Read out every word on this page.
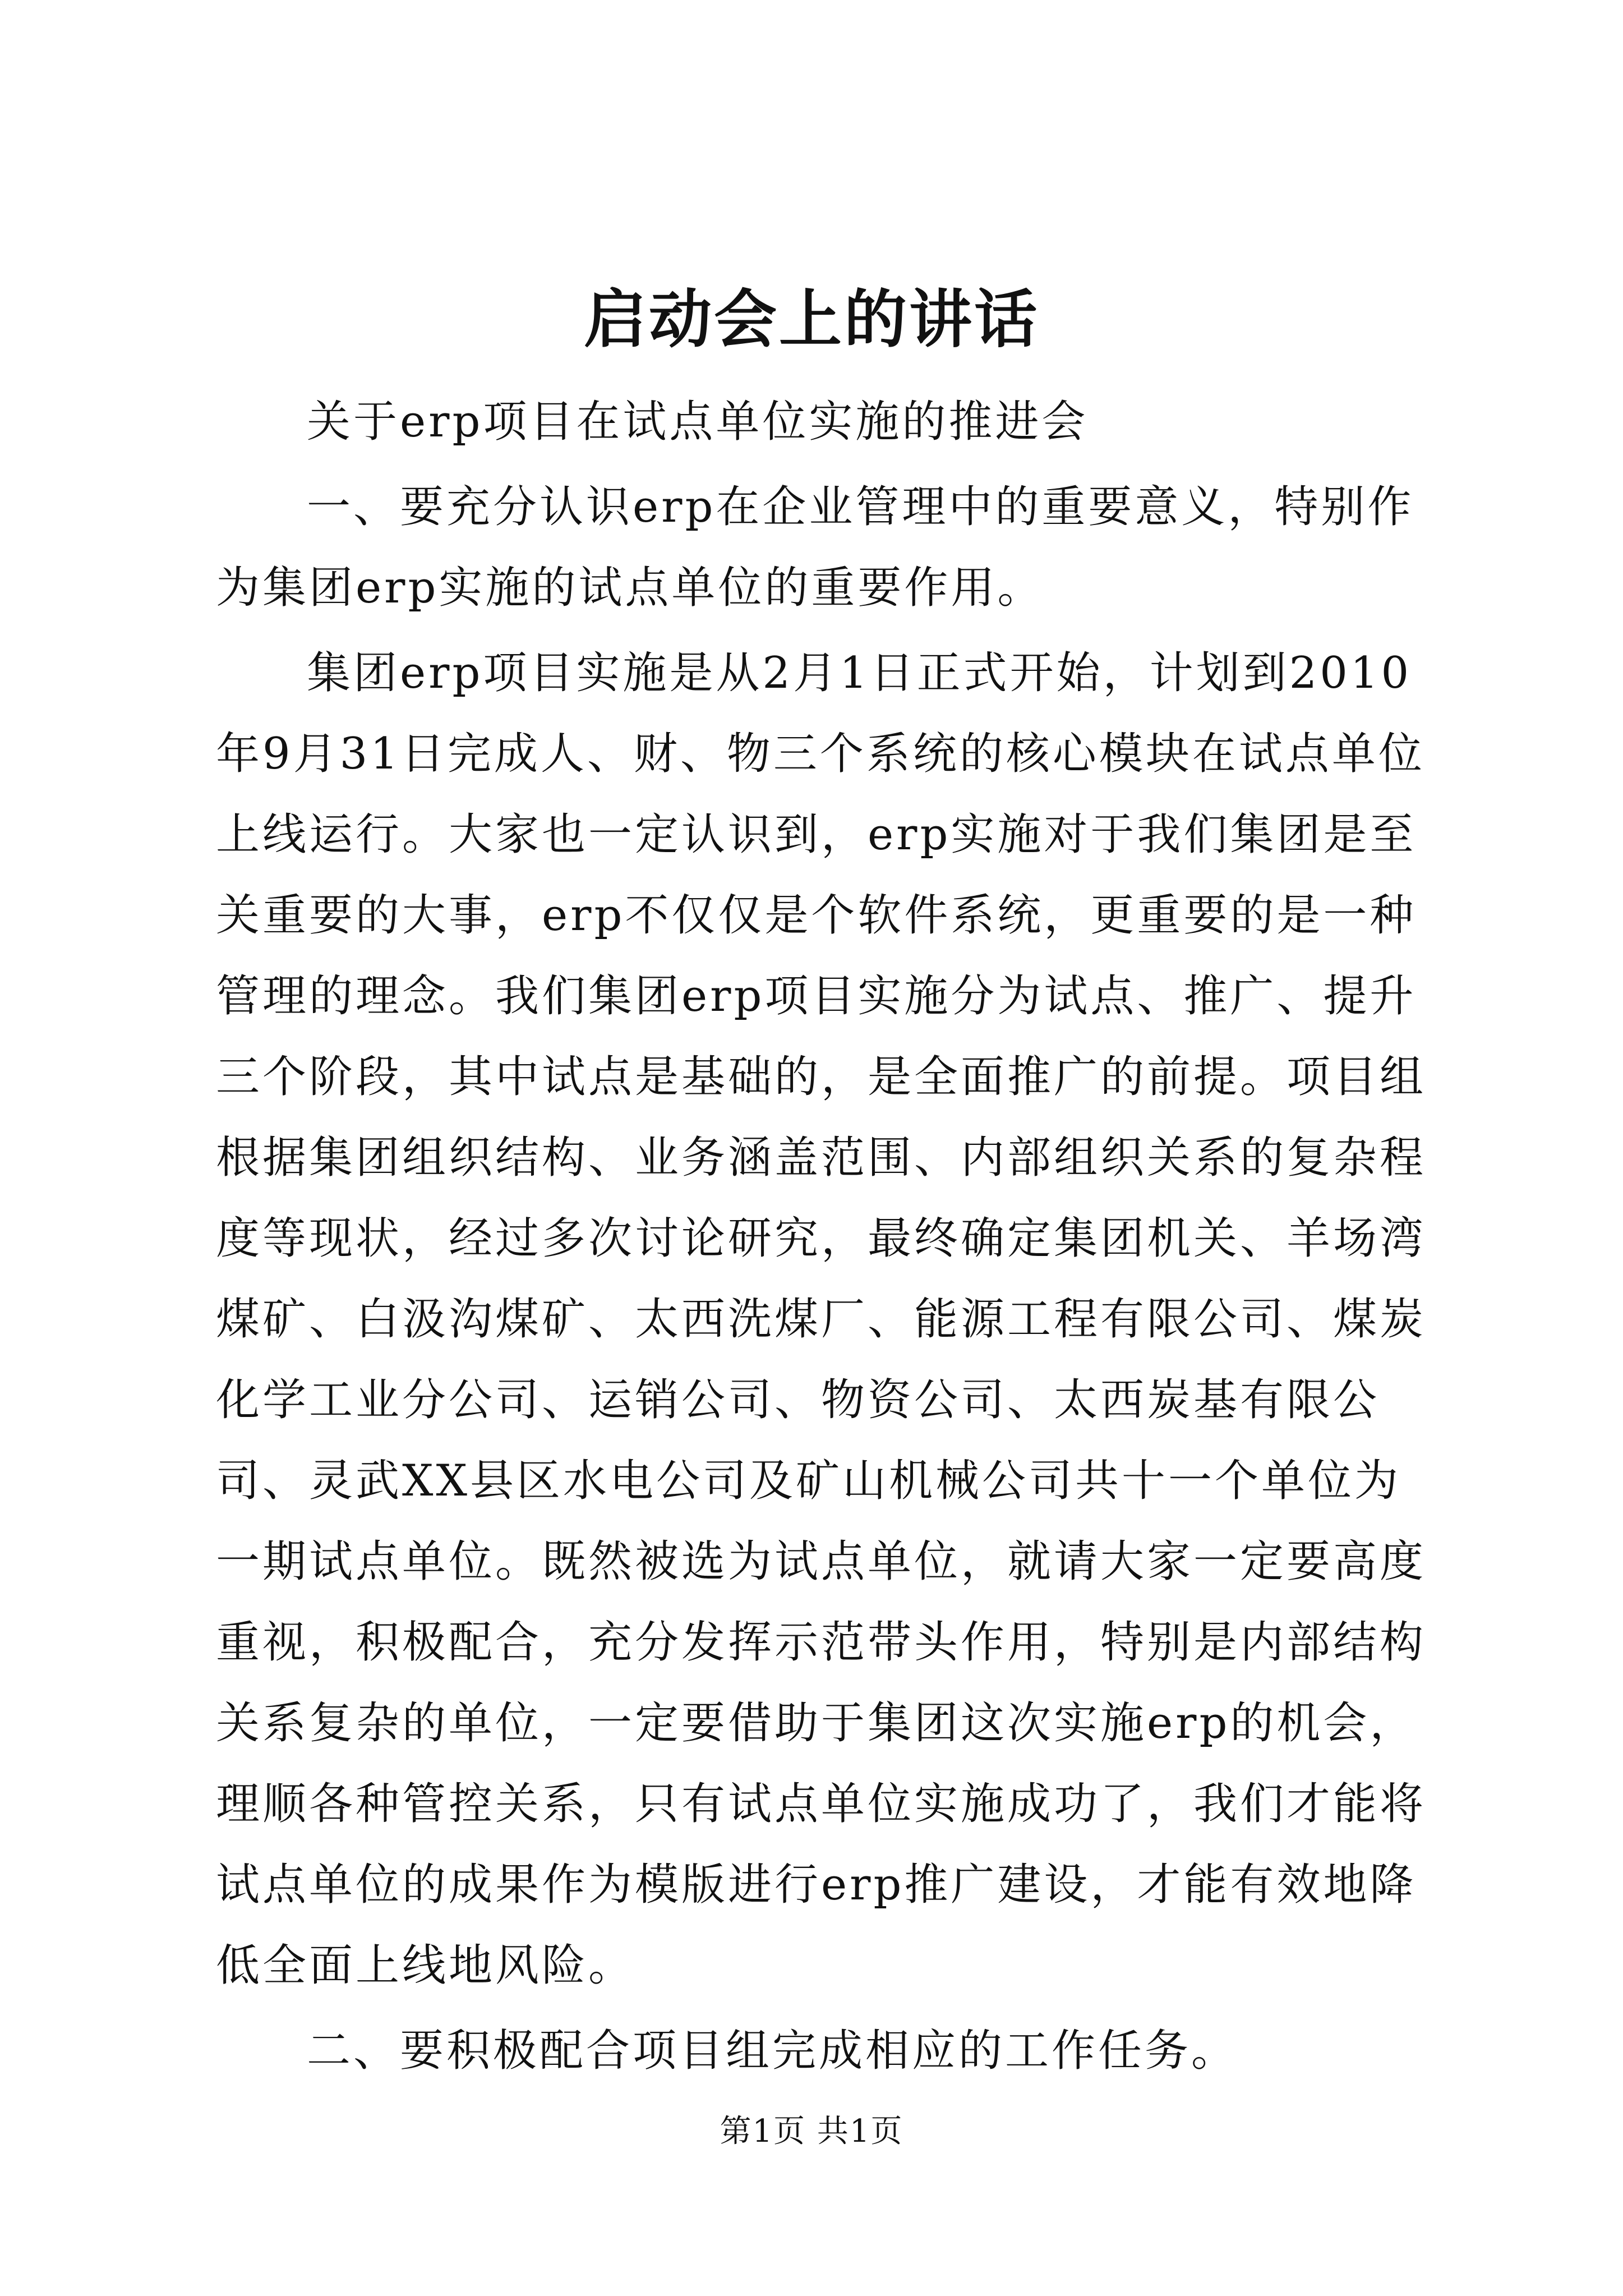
启动会上的讲话

关于erp项目在试点单位实施的推进会

一、要充分认识erp在企业管理中的重要意义，特别作为集团erp实施的试点单位的重要作用。

集团erp项目实施是从2月1日正式开始，计划到2010年9月31日完成人、财、物三个系统的核心模块在试点单位上线运行。大家也一定认识到，erp实施对于我们集团是至关重要的大事，erp不仅仅是个软件系统，更重要的是一种管理的理念。我们集团erp项目实施分为试点、推广、提升三个阶段，其中试点是基础的，是全面推广的前提。项目组根据集团组织结构、业务涵盖范围、内部组织关系的复杂程度等现状，经过多次讨论研究，最终确定集团机关、羊场湾煤矿、白汲沟煤矿、太西洗煤厂、能源工程有限公司、煤炭化学工业分公司、运销公司、物资公司、太西炭基有限公司、灵武XX县区水电公司及矿山机械公司共十一个单位为一期试点单位。既然被选为试点单位，就请大家一定要高度重视，积极配合，充分发挥示范带头作用，特别是内部结构关系复杂的单位，一定要借助于集团这次实施erp的机会，理顺各种管控关系，只有试点单位实施成功了，我们才能将试点单位的成果作为模版进行erp推广建设，才能有效地降低全面上线地风险。

二、要积极配合项目组完成相应的工作任务。

第1页 共1页
